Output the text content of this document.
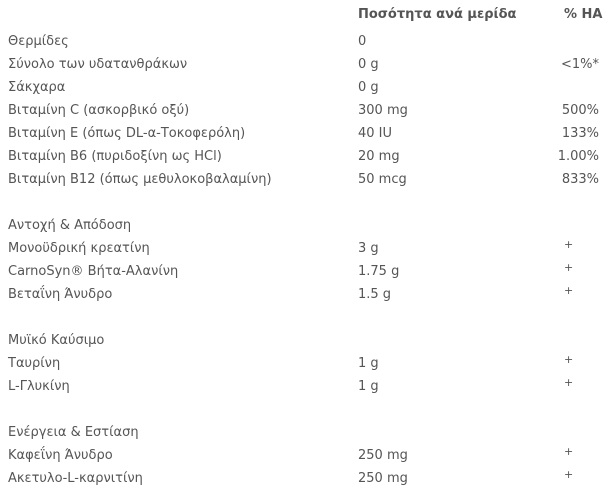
Ποσότητα ανά μερίδα	% ΗΑ
Θερμίδες	0
Σύνολο των υδατανθράκων	0 g	<1%*
Σάκχαρα	0 g
Βιταμίνη C (ασκορβικό οξύ)	300 mg	500%
Βιταμίνη Ε (όπως DL-α-Τοκοφερόλη)	40 IU	133%
Βιταμίνη Β6 (πυριδοξίνη ως HCl)	20 mg	1.00%
Βιταμίνη Β12 (όπως μεθυλοκοβαλαμίνη)	50 mcg	833%
Αντοχή & Απόδοση
Μονοϋδρική κρεατίνη	3 g	+
CarnoSyn® Βήτα-Αλανίνη	1.75 g	+
Βεταΐνη Άνυδρο	1.5 g	+
Μυϊκό Καύσιμο
Ταυρίνη	1 g	+
L-Γλυκίνη	1 g	+
Ενέργεια & Εστίαση
Καφεΐνη Άνυδρο	250 mg	+
Ακετυλο-L-καρνιτίνη	250 mg	+
